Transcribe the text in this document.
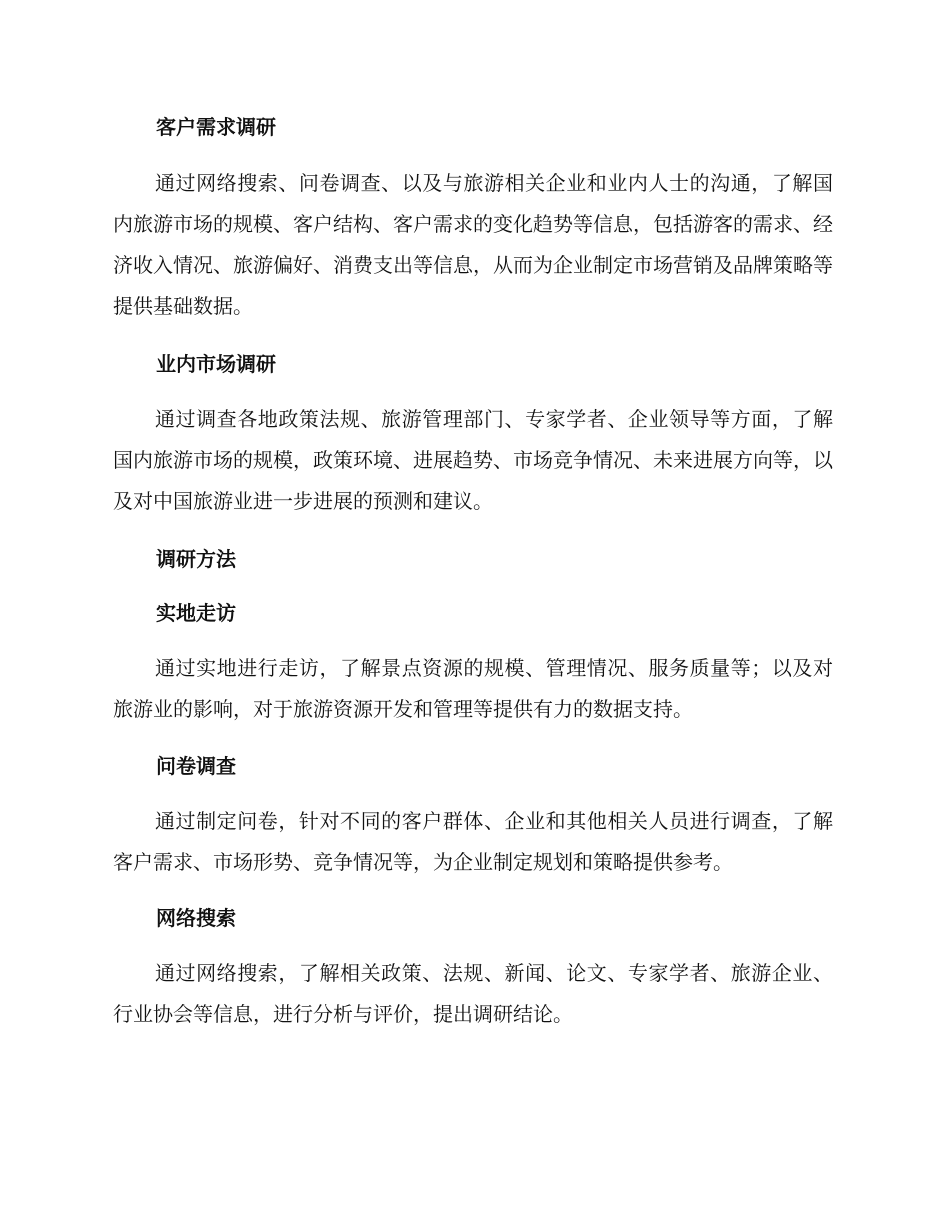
客户需求调研

通过网络搜索、问卷调查、以及与旅游相关企业和业内人士的沟通，了解国内旅游市场的规模、客户结构、客户需求的变化趋势等信息，包括游客的需求、经济收入情况、旅游偏好、消费支出等信息，从而为企业制定市场营销及品牌策略等提供基础数据。

业内市场调研

通过调查各地政策法规、旅游管理部门、专家学者、企业领导等方面，了解国内旅游市场的规模，政策环境、进展趋势、市场竞争情况、未来进展方向等，以及对中国旅游业进一步进展的预测和建议。

调研方法
实地走访

通过实地进行走访，了解景点资源的规模、管理情况、服务质量等；以及对旅游业的影响，对于旅游资源开发和管理等提供有力的数据支持。

问卷调查

通过制定问卷，针对不同的客户群体、企业和其他相关人员进行调查，了解客户需求、市场形势、竞争情况等，为企业制定规划和策略提供参考。

网络搜索

通过网络搜索，了解相关政策、法规、新闻、论文、专家学者、旅游企业、行业协会等信息，进行分析与评价，提出调研结论。
